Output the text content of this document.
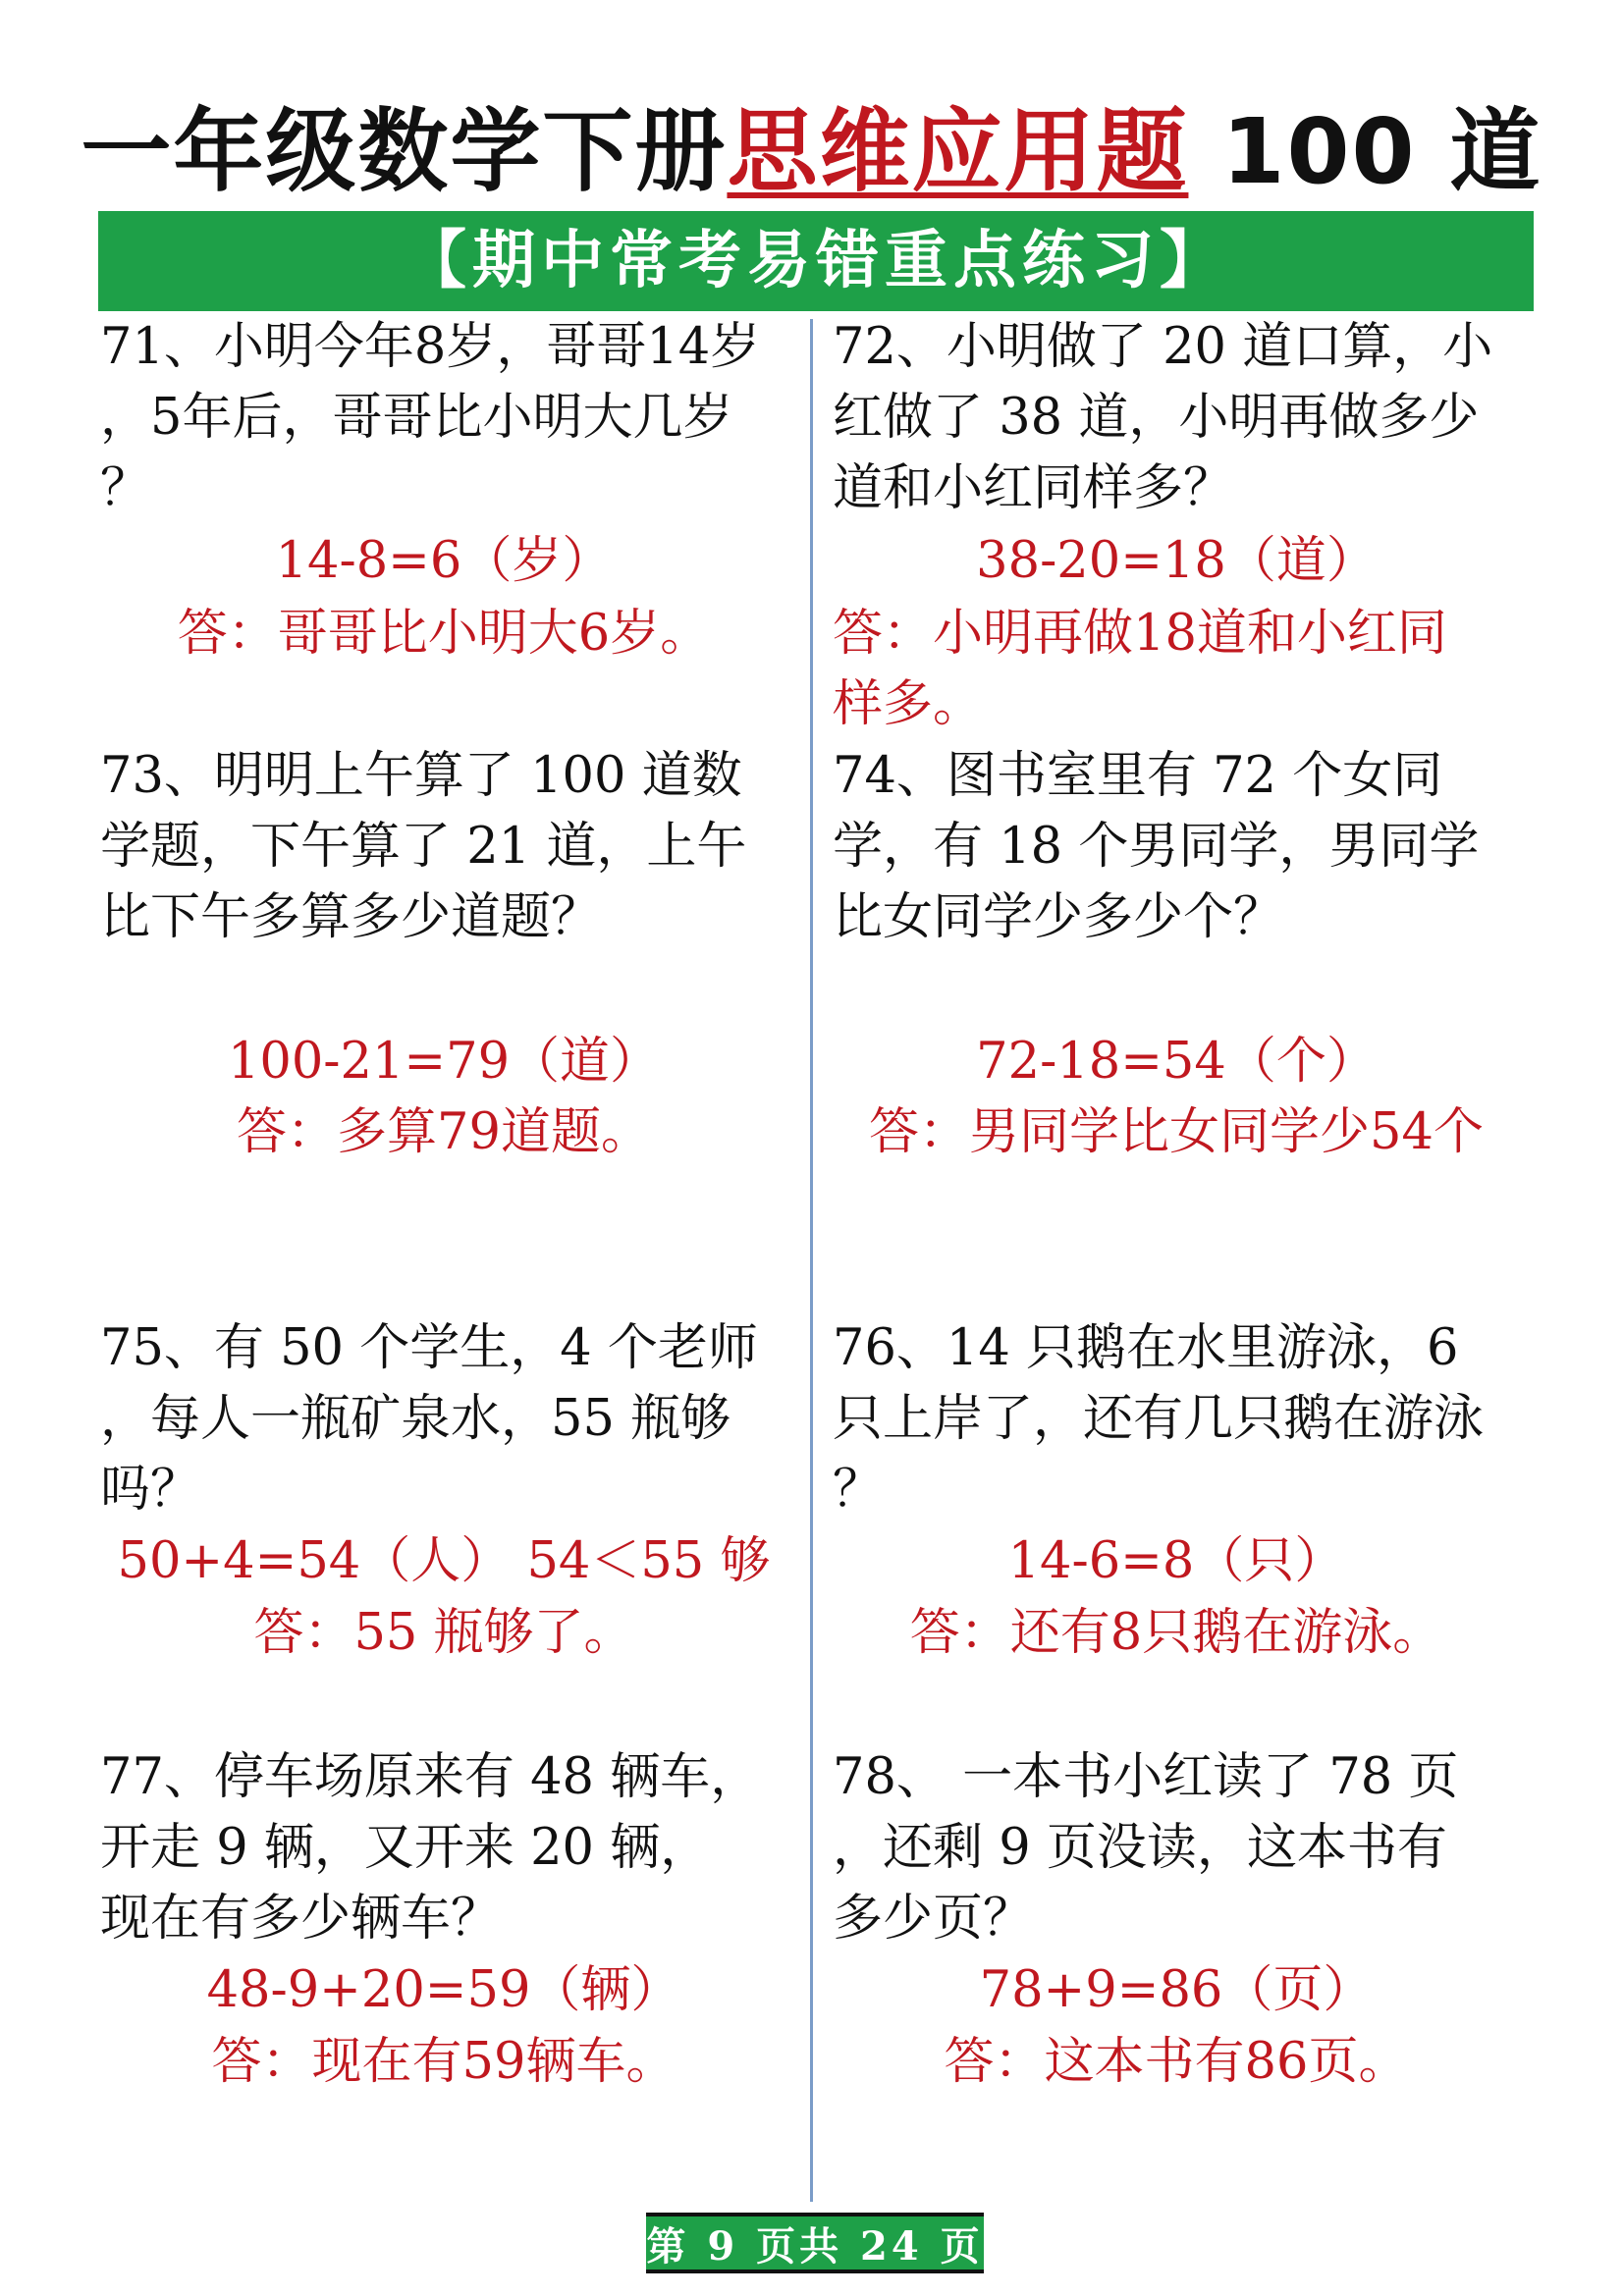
一年级数学下册思维应用题 100 道
【期中常考易错重点练习】
71、小明今年8岁，哥哥14岁
，5年后，哥哥比小明大几岁
？
14-8=6（岁）
答：哥哥比小明大6岁。
72、小明做了 20 道口算，小
红做了 38 道，小明再做多少
道和小红同样多？
38-20=18（道）
答：小明再做18道和小红同
样多。
73、明明上午算了 100 道数
学题，下午算了 21 道，上午
比下午多算多少道题？
100-21=79（道）
答：多算79道题。
74、图书室里有 72 个女同
学，有 18 个男同学，男同学
比女同学少多少个？
72-18=54（个）
答：男同学比女同学少54个
75、有 50 个学生，4 个老师
，每人一瓶矿泉水，55 瓶够
吗？
50+4=54（人） 54＜55 够
答：55 瓶够了。
76、14 只鹅在水里游泳，6
只上岸了，还有几只鹅在游泳
？
14-6=8（只）
答：还有8只鹅在游泳。
77、停车场原来有 48 辆车，
开走 9 辆，又开来 20 辆，
现在有多少辆车？
48-9+20=59（辆）
答：现在有59辆车。
78、 一本书小红读了 78 页
，还剩 9 页没读，这本书有
多少页？
78+9=86（页）
答：这本书有86页。
第 9 页共 24 页
